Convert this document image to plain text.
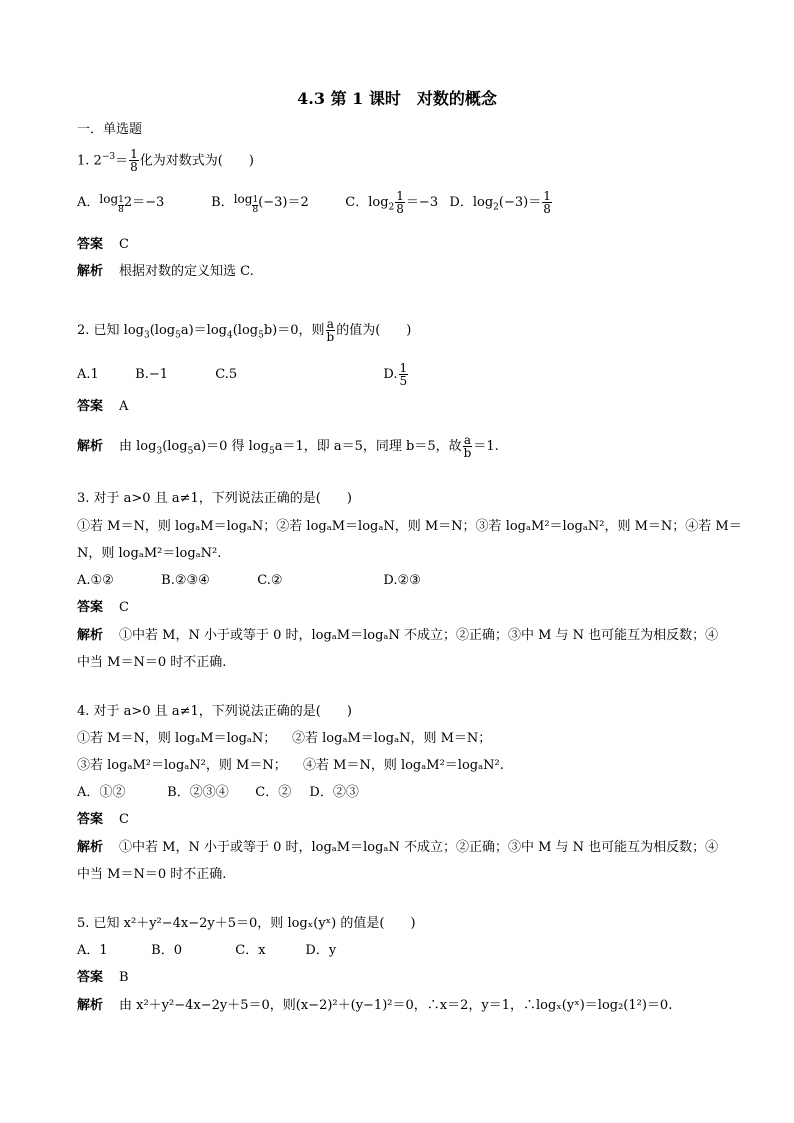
4.3 第 1 课时　对数的概念
一．单选题
1. $2^{-3}= \frac{1}{8}$ 化为对数式为(　　)
A．$\log \frac{1}{8} 2=-3$	B．$\log \frac{1}{8} (-3)=2$	C．$\log_2 \frac{1}{8} =-3$ D．$\log_2(-3)= \frac{1}{8}$
答案 C
解析 根据对数的定义知选 C.
2. 已知 $\log_3(\log_5a)=\log_4(\log_5b)=0$，则 $\frac{a}{b}$ 的值为(　　)
A.1	B.−1	C.5	D. $\frac{1}{5}$
答案 A
解析 由 $\log_3(\log_5a)=0$ 得 $\log_5a=1$，即 a＝5，同理 b＝5，故 $\frac{a}{b} =1$.
3. 对于 a>0 且 a≠1，下列说法正确的是(　　)
①若 M＝N，则 logₐM＝logₐN；②若 logₐM＝logₐN，则 M＝N；③若 logₐM²＝logₐN²，则 M＝N；④若 M＝
N，则 logₐM²＝logₐN².
A.①②	B.②③④	C.②	D.②③
答案 C
解析 ①中若 M，N 小于或等于 0 时，logₐM＝logₐN 不成立；②正确；③中 M 与 N 也可能互为相反数；④
中当 M＝N＝0 时不正确.
4. 对于 a>0 且 a≠1，下列说法正确的是(　　)
①若 M＝N，则 logₐM＝logₐN； ②若 logₐM＝logₐN，则 M＝N；
③若 logₐM²＝logₐN²，则 M＝N； ④若 M＝N，则 logₐM²＝logₐN².
A．①②	B．②③④ C．② D．②③
答案 C
解析 ①中若 M，N 小于或等于 0 时，logₐM＝logₐN 不成立；②正确；③中 M 与 N 也可能互为相反数；④
中当 M＝N＝0 时不正确.
5. 已知 x²＋y²−4x−2y＋5＝0，则 logₓ(yˣ) 的值是(　　)
A．1	B．0	C．x	D．y
答案 B
解析 由 x²＋y²−4x−2y＋5＝0，则(x−2)²＋(y−1)²＝0，∴x＝2，y＝1，∴logₓ(yˣ)＝log₂(1²)＝0.
